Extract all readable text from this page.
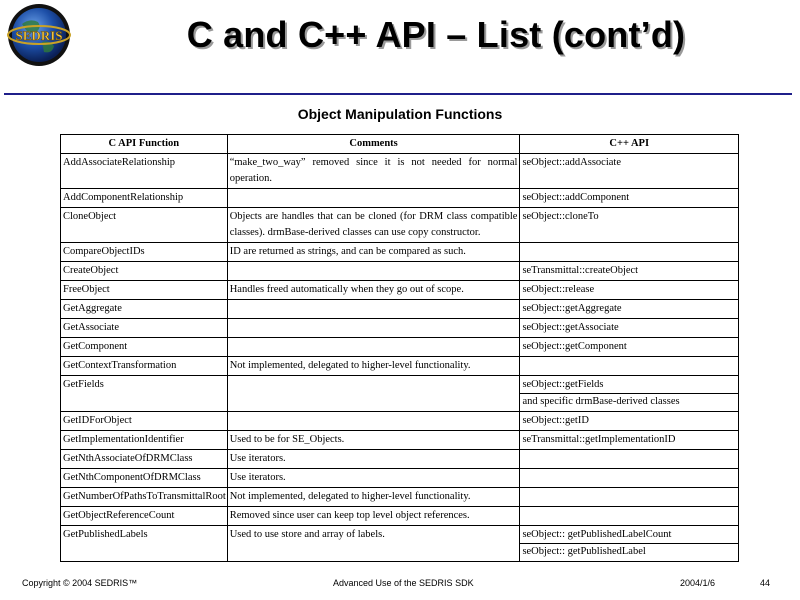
SEDRIS	C and C++ API – List (cont’d)
Object Manipulation Functions
C API Function	Comments	C++ API
AddAssociateRelationship	“make_two_way” removed since it is not needed for normal operation.	seObject::addAssociate

AddComponentRelationship		seObject::addComponent

CloneObject	Objects are handles that can be cloned (for DRM class compatible classes). drmBase-derived classes can use copy constructor.	seObject::cloneTo

CompareObjectIDs	ID are returned as strings, and can be compared as such.	
CreateObject		seTransmittal::createObject

FreeObject	Handles freed automatically when they go out of scope.	seObject::release

GetAggregate		seObject::getAggregate

GetAssociate		seObject::getAssociate

GetComponent		seObject::getComponent

GetContextTransformation	Not implemented, delegated to higher-level functionality.	
GetFields		seObject::getFields
and specific drmBase-derived classes

GetIDForObject		seObject::getID

GetImplementationIdentifier	Used to be for SE_Objects.	seTransmittal::getImplementationID

GetNthAssociateOfDRMClass	Use iterators.	
GetNthComponentOfDRMClass	Use iterators.	
GetNumberOfPathsToTransmittalRoot	Not implemented, delegated to higher-level functionality.	
GetObjectReferenceCount	Removed since user can keep top level object references.	
GetPublishedLabels	Used to use store and array of labels.	seObject:: getPublishedLabelCount
seObject:: getPublishedLabel
Copyright © 2004 SEDRIS™	Advanced Use of the SEDRIS SDK	2004/1/6	44
